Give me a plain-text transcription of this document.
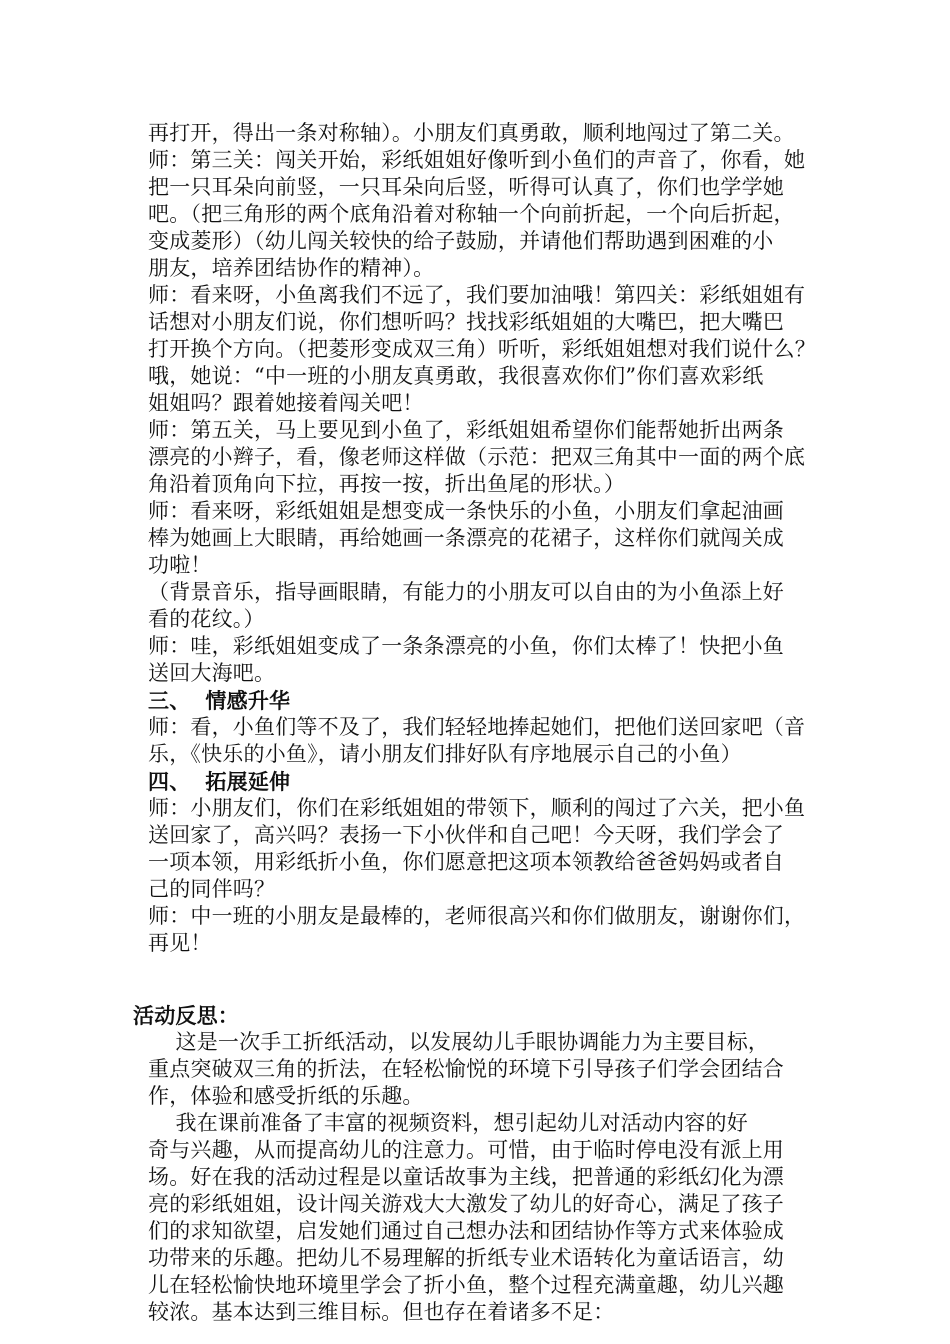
再打开，得出一条对称轴）。小朋友们真勇敢，顺利地闯过了第二关。
师：第三关：闯关开始，彩纸姐姐好像听到小鱼们的声音了，你看，她
把一只耳朵向前竖，一只耳朵向后竖，听得可认真了，你们也学学她
吧。（把三角形的两个底角沿着对称轴一个向前折起，一个向后折起，
变成菱形）（幼儿闯关较快的给子鼓励，并请他们帮助遇到困难的小
朋友，培养团结协作的精神）。
师：看来呀，小鱼离我们不远了，我们要加油哦！第四关：彩纸姐姐有
话想对小朋友们说，你们想听吗？找找彩纸姐姐的大嘴巴，把大嘴巴
打开换个方向。（把菱形变成双三角）听听，彩纸姐姐想对我们说什么？
哦，她说：“中一班的小朋友真勇敢，我很喜欢你们”你们喜欢彩纸
姐姐吗？跟着她接着闯关吧！
师：第五关，马上要见到小鱼了，彩纸姐姐希望你们能帮她折出两条
漂亮的小辫子，看，像老师这样做（示范：把双三角其中一面的两个底
角沿着顶角向下拉，再按一按，折出鱼尾的形状。）
师：看来呀，彩纸姐姐是想变成一条快乐的小鱼，小朋友们拿起油画
棒为她画上大眼睛，再给她画一条漂亮的花裙子，这样你们就闯关成
功啦！
（背景音乐，指导画眼睛，有能力的小朋友可以自由的为小鱼添上好
看的花纹。）
师：哇，彩纸姐姐变成了一条条漂亮的小鱼，你们太棒了！快把小鱼
送回大海吧。
三、  情感升华
师：看，小鱼们等不及了，我们轻轻地捧起她们，把他们送回家吧（音
乐，《快乐的小鱼》，请小朋友们排好队有序地展示自己的小鱼）
四、  拓展延伸
师：小朋友们，你们在彩纸姐姐的带领下，顺利的闯过了六关，把小鱼
送回家了，高兴吗？表扬一下小伙伴和自己吧！今天呀，我们学会了
一项本领，用彩纸折小鱼，你们愿意把这项本领教给爸爸妈妈或者自
己的同伴吗？
师：中一班的小朋友是最棒的，老师很高兴和你们做朋友，谢谢你们，
再见！
活动反思：
这是一次手工折纸活动，以发展幼儿手眼协调能力为主要目标，
重点突破双三角的折法，在轻松愉悦的环境下引导孩子们学会团结合
作，体验和感受折纸的乐趣。
我在课前准备了丰富的视频资料，想引起幼儿对活动内容的好
奇与兴趣，从而提高幼儿的注意力。可惜，由于临时停电没有派上用
场。好在我的活动过程是以童话故事为主线，把普通的彩纸幻化为漂
亮的彩纸姐姐，设计闯关游戏大大激发了幼儿的好奇心，满足了孩子
们的求知欲望，启发她们通过自己想办法和团结协作等方式来体验成
功带来的乐趣。把幼儿不易理解的折纸专业术语转化为童话语言，幼
儿在轻松愉快地环境里学会了折小鱼，整个过程充满童趣，幼儿兴趣
较浓。基本达到三维目标。但也存在着诸多不足：
